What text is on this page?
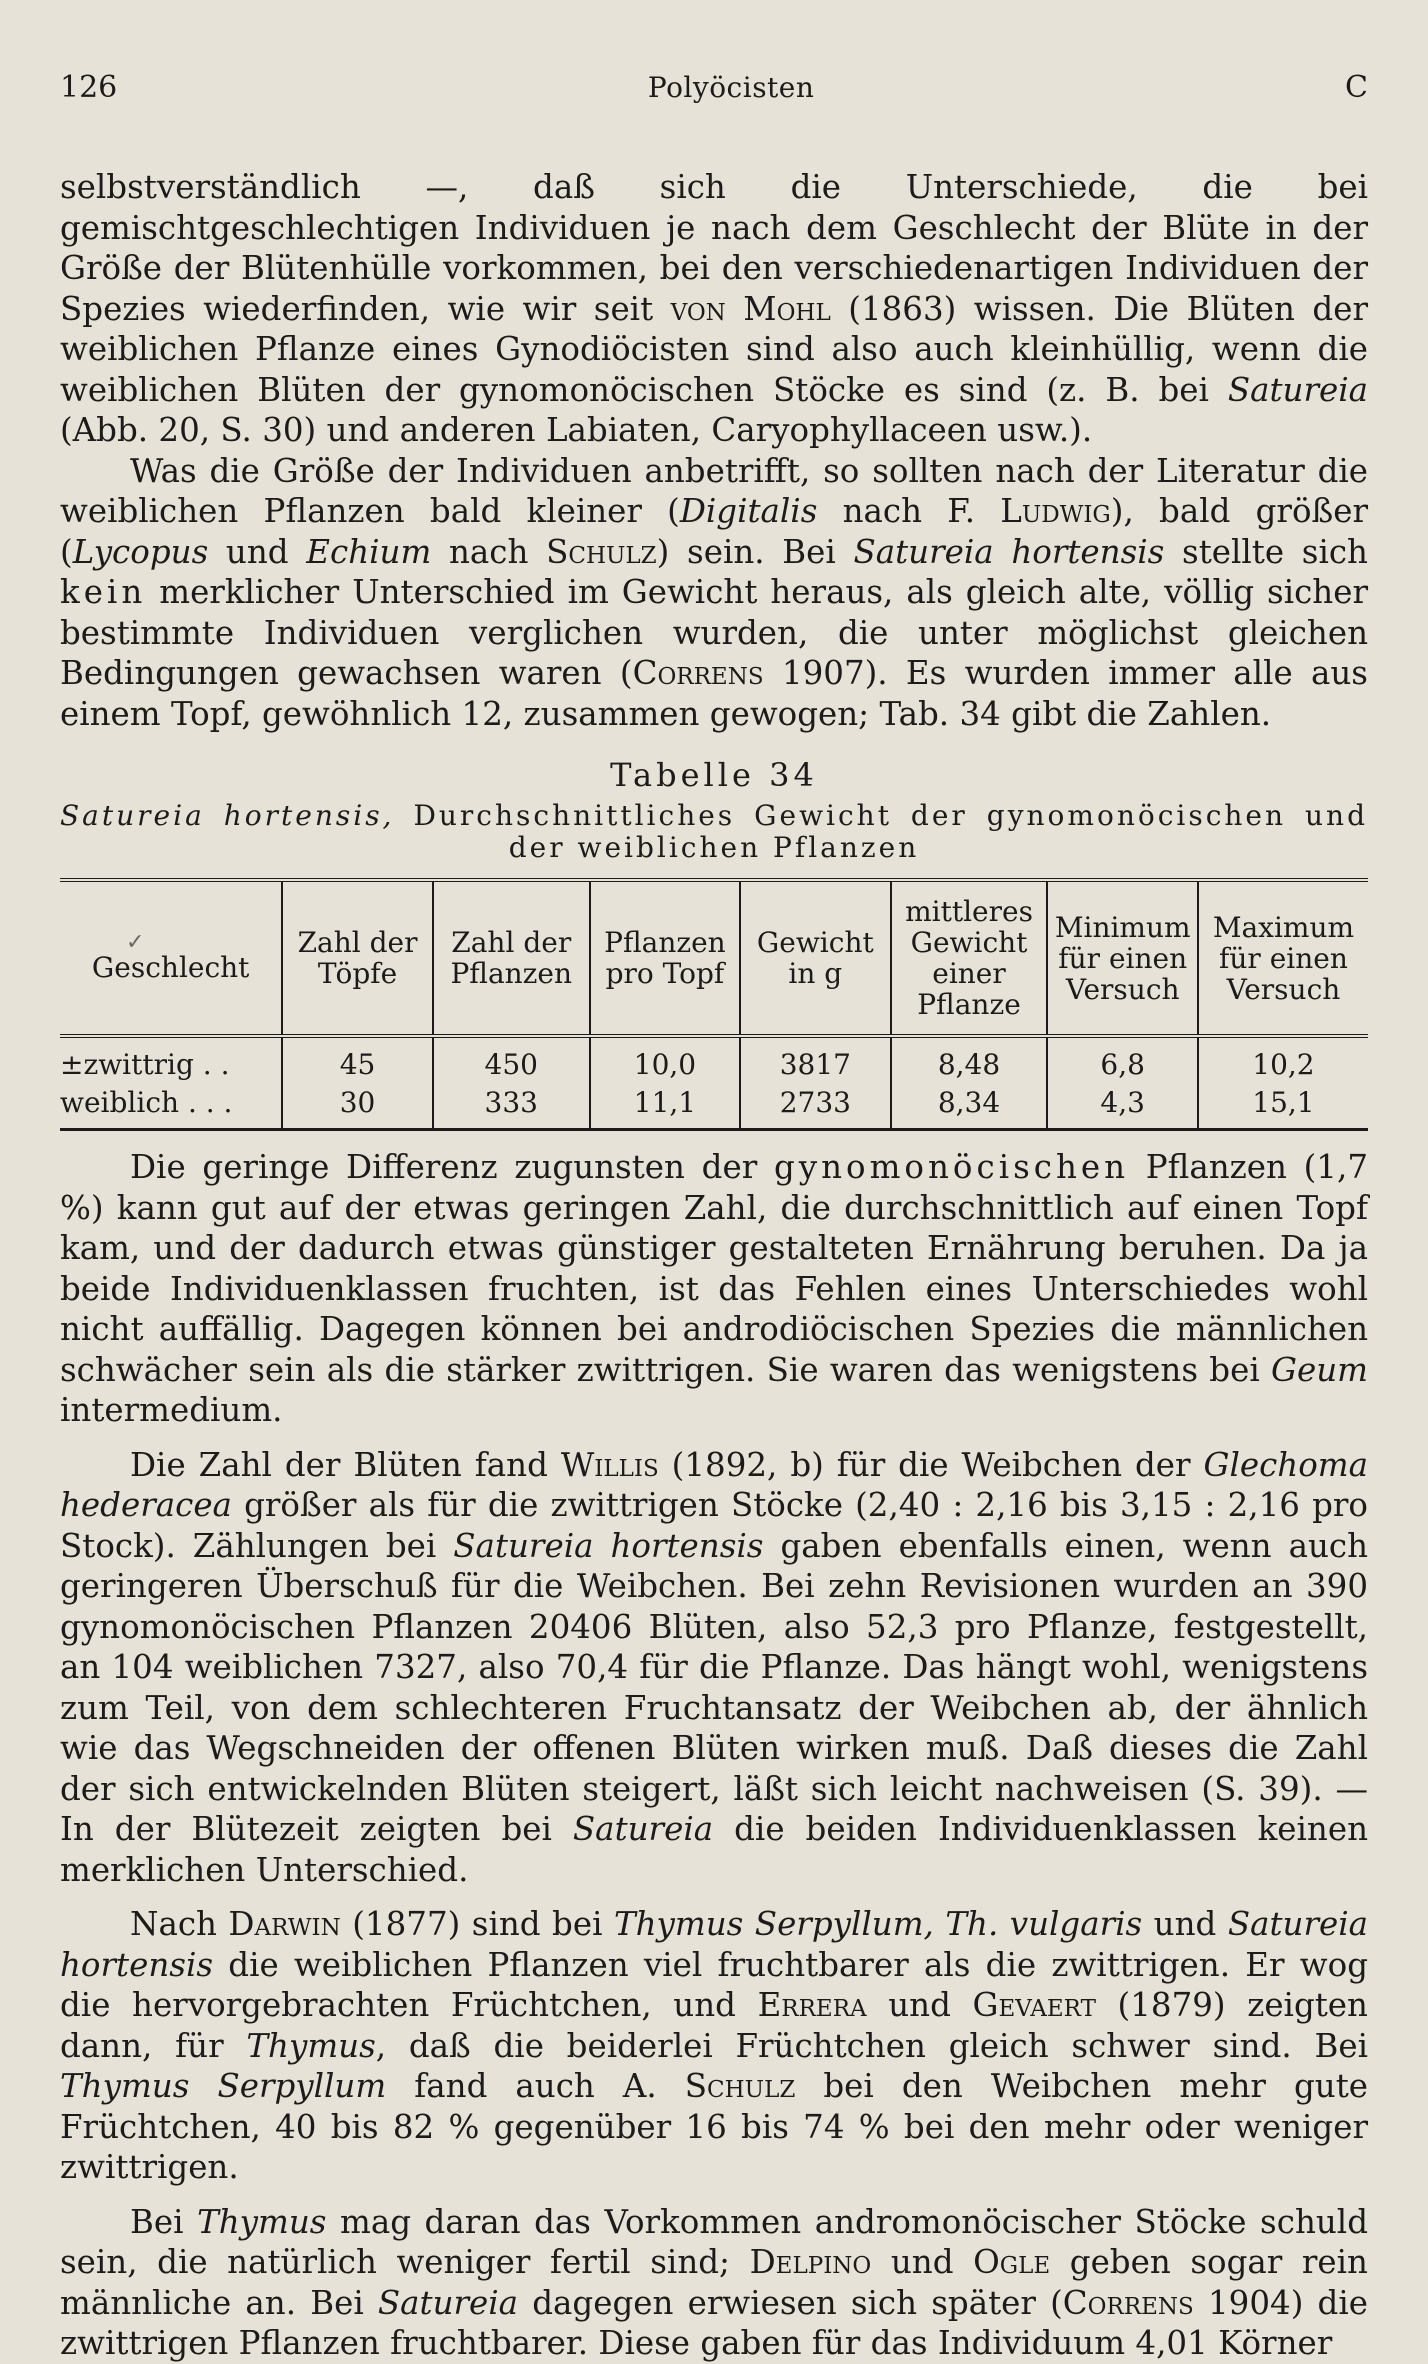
126	Polyöcisten	C

selbstverständlich —, daß sich die Unterschiede, die bei gemischtgeschlechtigen Individuen je nach dem Geschlecht der Blüte in der Größe der Blütenhülle vorkommen, bei den verschiedenartigen Individuen der Spezies wiederfinden, wie wir seit von Mohl (1863) wissen. Die Blüten der weiblichen Pflanze eines Gynodiöcisten sind also auch kleinhüllig, wenn die weiblichen Blüten der gynomonöcischen Stöcke es sind (z. B. bei Satureia (Abb. 20, S. 30) und anderen Labiaten, Caryophyllaceen usw.).

Was die Größe der Individuen anbetrifft, so sollten nach der Literatur die weiblichen Pflanzen bald kleiner (Digitalis nach F. Ludwig), bald größer (Lycopus und Echium nach Schulz) sein. Bei Satureia hortensis stellte sich kein merklicher Unterschied im Gewicht heraus, als gleich alte, völlig sicher bestimmte Individuen verglichen wurden, die unter möglichst gleichen Bedingungen gewachsen waren (Correns 1907). Es wurden immer alle aus einem Topf, gewöhnlich 12, zusammen gewogen; Tab. 34 gibt die Zahlen.

Tabelle 34
Satureia hortensis, Durchschnittliches Gewicht der gynomonöcischen und der weiblichen Pflanzen
✓
Geschlecht	Zahl der Töpfe	Zahl der Pflanzen	Pflanzen pro Topf	Gewicht in g	mittleres Gewicht einer Pflanze	Minimum für einen Versuch	Maximum für einen Versuch
±zwittrig . .	45	450	10,0	3817	8,48	6,8	10,2
weiblich . . .	30	333	11,1	2733	8,34	4,3	15,1

Die geringe Differenz zugunsten der gynomonöcischen Pflanzen (1,7 %) kann gut auf der etwas geringen Zahl, die durchschnittlich auf einen Topf kam, und der dadurch etwas günstiger gestalteten Ernährung beruhen. Da ja beide Individuenklassen fruchten, ist das Fehlen eines Unterschiedes wohl nicht auffällig. Dagegen können bei androdiöcischen Spezies die männlichen schwächer sein als die stärker zwittrigen. Sie waren das wenigstens bei Geum intermedium.

Die Zahl der Blüten fand Willis (1892, b) für die Weibchen der Glechoma hederacea größer als für die zwittrigen Stöcke (2,40 : 2,16 bis 3,15 : 2,16 pro Stock). Zählungen bei Satureia hortensis gaben ebenfalls einen, wenn auch geringeren Überschuß für die Weibchen. Bei zehn Revisionen wurden an 390 gynomonöcischen Pflanzen 20406 Blüten, also 52,3 pro Pflanze, festgestellt, an 104 weiblichen 7327, also 70,4 für die Pflanze. Das hängt wohl, wenigstens zum Teil, von dem schlechteren Fruchtansatz der Weibchen ab, der ähnlich wie das Wegschneiden der offenen Blüten wirken muß. Daß dieses die Zahl der sich entwickelnden Blüten steigert, läßt sich leicht nachweisen (S. 39). — In der Blütezeit zeigten bei Satureia die beiden Individuenklassen keinen merklichen Unterschied.

Nach Darwin (1877) sind bei Thymus Serpyllum, Th. vulgaris und Satureia hortensis die weiblichen Pflanzen viel fruchtbarer als die zwittrigen. Er wog die hervorgebrachten Früchtchen, und Errera und Gevaert (1879) zeigten dann, für Thymus, daß die beiderlei Früchtchen gleich schwer sind. Bei Thymus Serpyllum fand auch A. Schulz bei den Weibchen mehr gute Früchtchen, 40 bis 82 % gegenüber 16 bis 74 % bei den mehr oder weniger zwittrigen.

Bei Thymus mag daran das Vorkommen andromonöcischer Stöcke schuld sein, die natürlich weniger fertil sind; Delpino und Ogle geben sogar rein männliche an. Bei Satureia dagegen erwiesen sich später (Correns 1904) die zwittrigen Pflanzen fruchtbarer. Diese gaben für das Individuum 4,01 Körner
